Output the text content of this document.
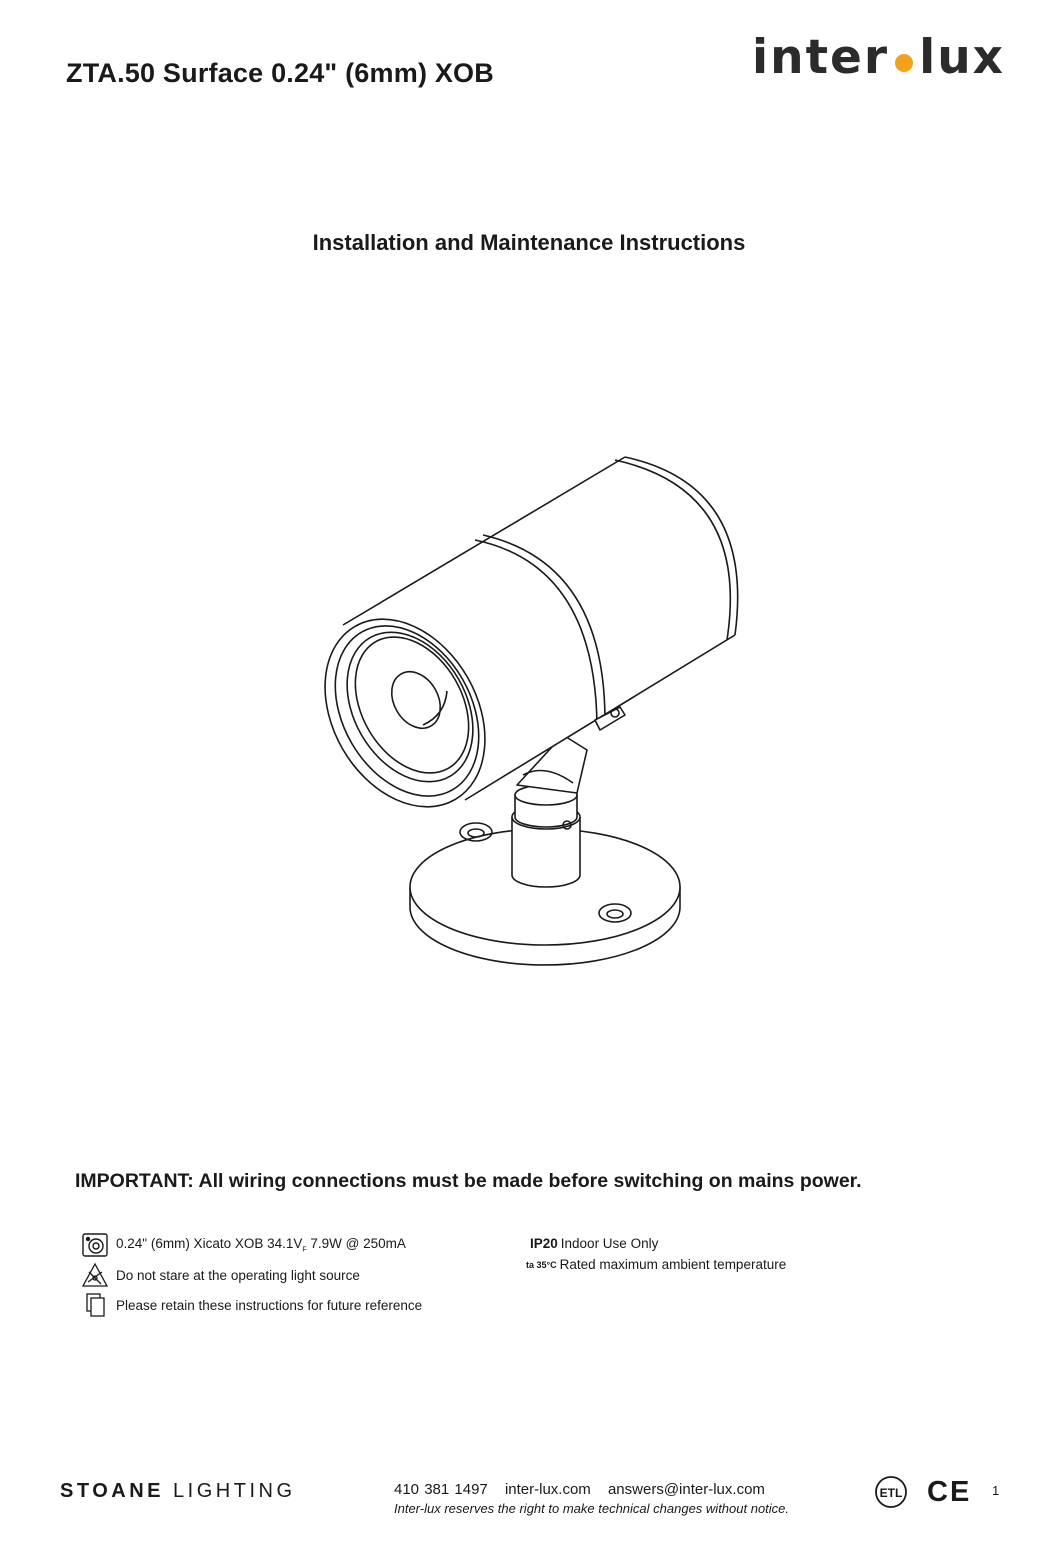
ZTA.50 Surface 0.24" (6mm) XOB	inter lux
Installation and Maintenance Instructions
IMPORTANT: All wiring connections must be made before switching on mains power.
0.24" (6mm) Xicato XOB $34.1V_F$ 7.9W @ 250mA
Do not stare at the operating light source
Please retain these instructions for future reference
IP20 Indoor Use Only
ta 35°C Rated maximum ambient temperature
STOANE LIGHTING	410 381 1497 inter-lux.com answers@inter-lux.com
Inter-lux reserves the right to make technical changes without notice.
ETL CE 1
